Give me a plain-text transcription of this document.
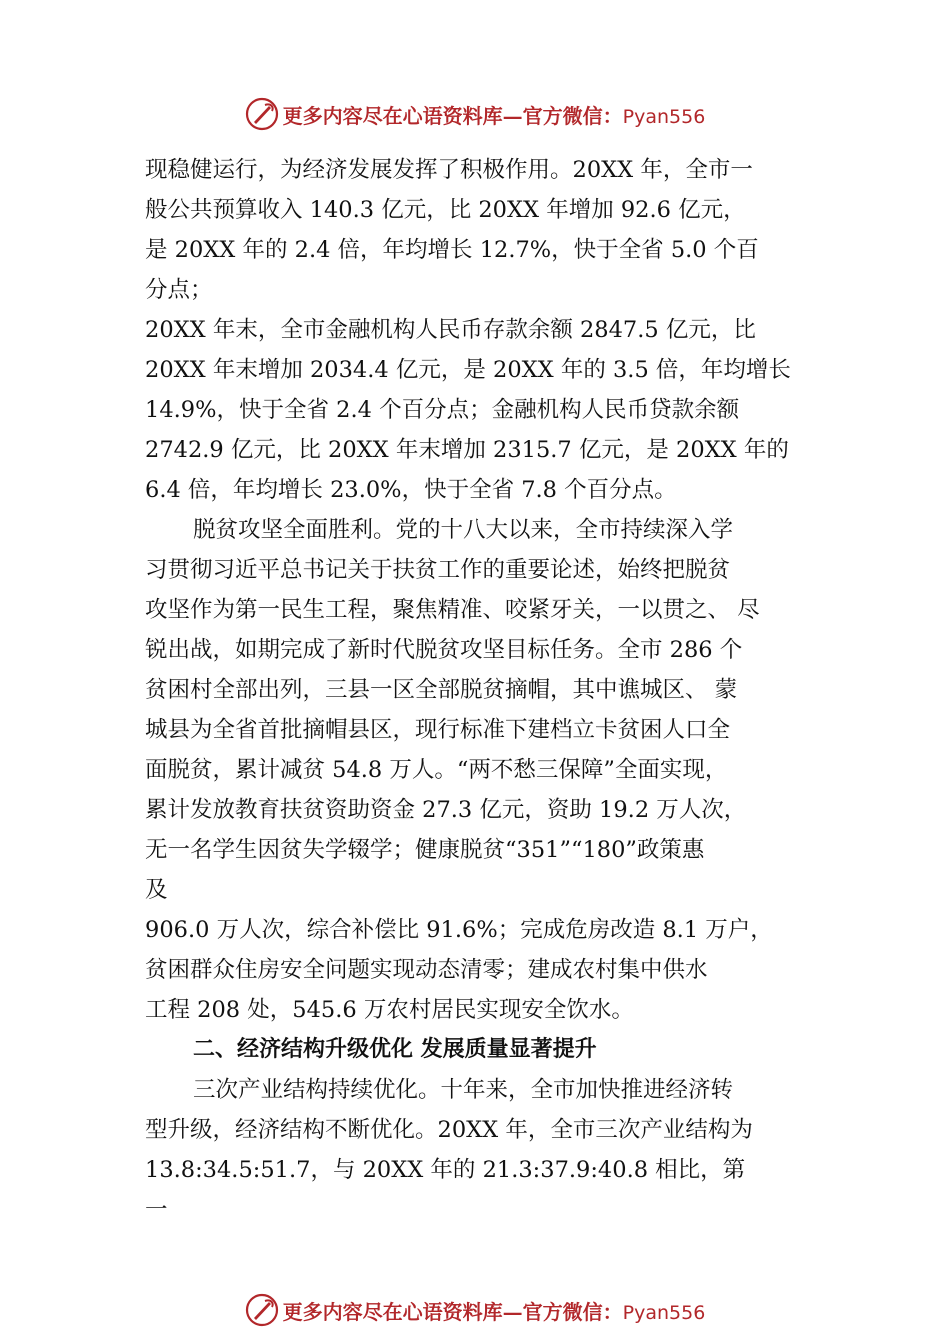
更多内容尽在心语资料库—官方微信：Pyan556
现稳健运行，为经济发展发挥了积极作用。20XX 年，全市一
般公共预算收入 140.3 亿元，比 20XX 年增加 92.6 亿元，
是 20XX 年的 2.4 倍，年均增长 12.7%，快于全省 5.0 个百
分点；
20XX 年末，全市金融机构人民币存款余额 2847.5 亿元，比
20XX 年末增加 2034.4 亿元，是 20XX 年的 3.5 倍，年均增长
14.9%，快于全省 2.4 个百分点；金融机构人民币贷款余额
2742.9 亿元，比 20XX 年末增加 2315.7 亿元，是 20XX 年的
6.4 倍，年均增长 23.0%，快于全省 7.8 个百分点。
脱贫攻坚全面胜利。党的十八大以来，全市持续深入学
习贯彻习近平总书记关于扶贫工作的重要论述，始终把脱贫
攻坚作为第一民生工程，聚焦精准、咬紧牙关，一以贯之、 尽
锐出战，如期完成了新时代脱贫攻坚目标任务。全市 286 个
贫困村全部出列，三县一区全部脱贫摘帽，其中谯城区、 蒙
城县为全省首批摘帽县区，现行标准下建档立卡贫困人口全
面脱贫，累计减贫 54.8 万人。“两不愁三保障”全面实现，
累计发放教育扶贫资助资金 27.3 亿元，资助 19.2 万人次，
无一名学生因贫失学辍学；健康脱贫“351”“180”政策惠
及
906.0 万人次，综合补偿比 91.6%；完成危房改造 8.1 万户，
贫困群众住房安全问题实现动态清零；建成农村集中供水
工程 208 处，545.6 万农村居民实现安全饮水。
二、经济结构升级优化 发展质量显著提升
三次产业结构持续优化。十年来，全市加快推进经济转
型升级，经济结构不断优化。20XX 年，全市三次产业结构为
13.8:34.5:51.7，与 20XX 年的 21.3:37.9:40.8 相比，第
一
更多内容尽在心语资料库—官方微信：Pyan556
